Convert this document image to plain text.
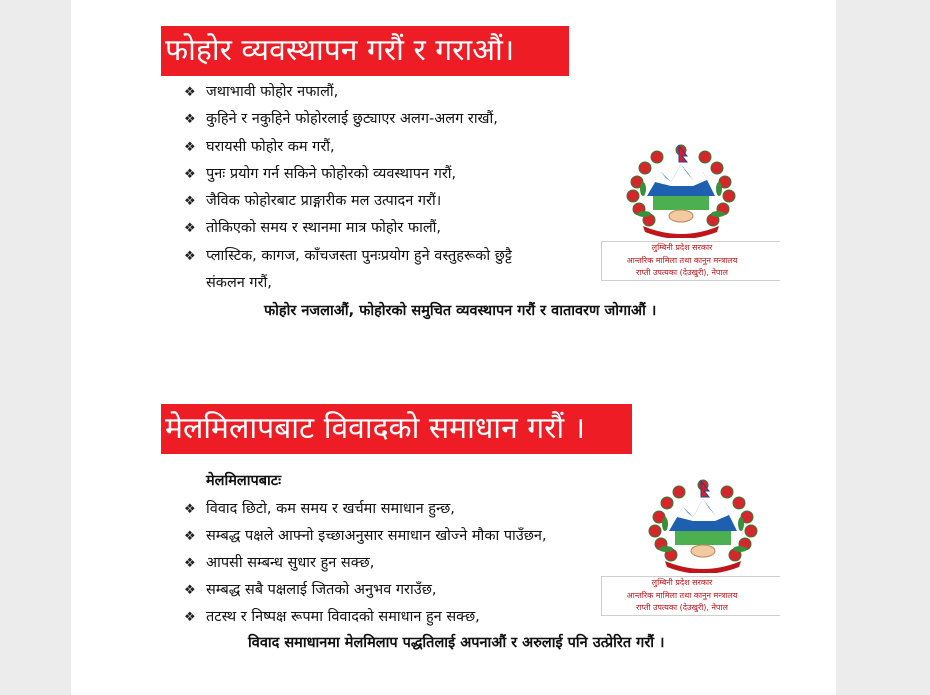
फोहोर व्यवस्थापन गरौं र गराऔं।
❖ जथाभावी फोहोर नफालौं,
❖ कुहिने र नकुहिने फोहोरलाई छुट्याएर अलग-अलग राखौं,
❖ घरायसी फोहोर कम गरौं,
❖ पुनः प्रयोग गर्न सकिने फोहोरको व्यवस्थापन गरौं,
❖ जैविक फोहोरबाट प्राङ्गारीक मल उत्पादन गरौं।
❖ तोकिएको समय र स्थानमा मात्र फोहोर फालौं,
❖ प्लास्टिक, कागज, काँचजस्ता पुनःप्रयोग हुने वस्तुहरूको छुट्टै
संकलन गरौं,
फोहोर नजलाऔं, फोहोरको समुचित व्यवस्थापन गरौं र वातावरण जोगाऔं ।
लुम्बिनी प्रदेश सरकार
आन्तरिक मामिला तथा कानुन मन्त्रालय
राप्ती उपत्यका (देउखुरी), नेपाल
मेलमिलापबाट विवादको समाधान गरौं ।
मेलमिलापबाटः
❖ विवाद छिटो, कम समय र खर्चमा समाधान हुन्छ,
❖ सम्बद्ध पक्षले आफ्नो इच्छाअनुसार समाधान खोज्ने मौका पाउँछन,
❖ आपसी सम्बन्ध सुधार हुन सक्छ,
❖ सम्बद्ध सबै पक्षलाई जितको अनुभव गराउँछ,
❖ तटस्थ र निष्पक्ष रूपमा विवादको समाधान हुन सक्छ,
विवाद समाधानमा मेलमिलाप पद्धतिलाई अपनाऔं र अरुलाई पनि उत्प्रेरित गरौं ।
लुम्बिनी प्रदेश सरकार
आन्तरिक मामिला तथा कानुन मन्त्रालय
राप्ती उपत्यका (देउखुरी), नेपाल
